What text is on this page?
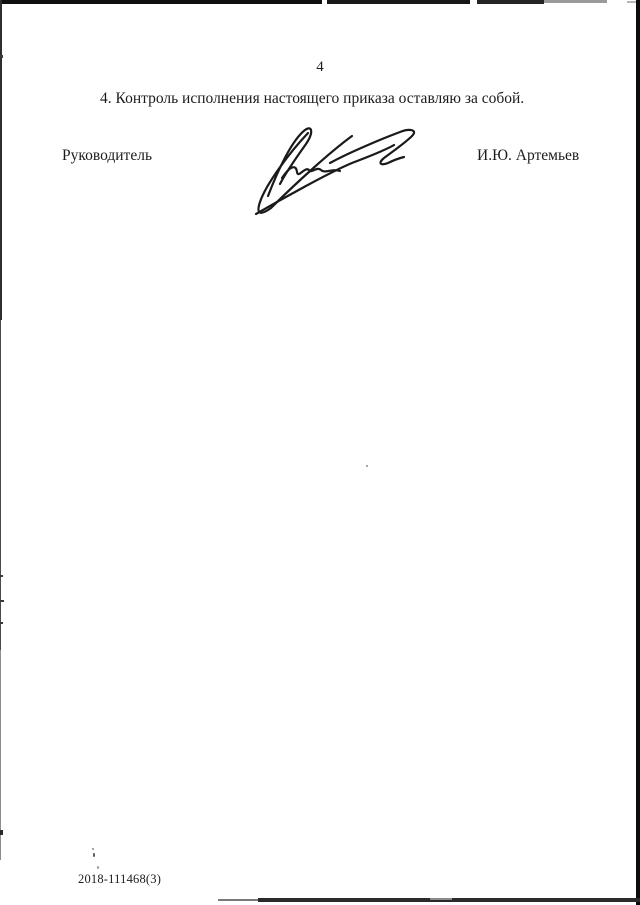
4

4. Контроль исполнения настоящего приказа оставляю за собой.

Руководитель	И.Ю. Артемьев
2018-111468(3)
